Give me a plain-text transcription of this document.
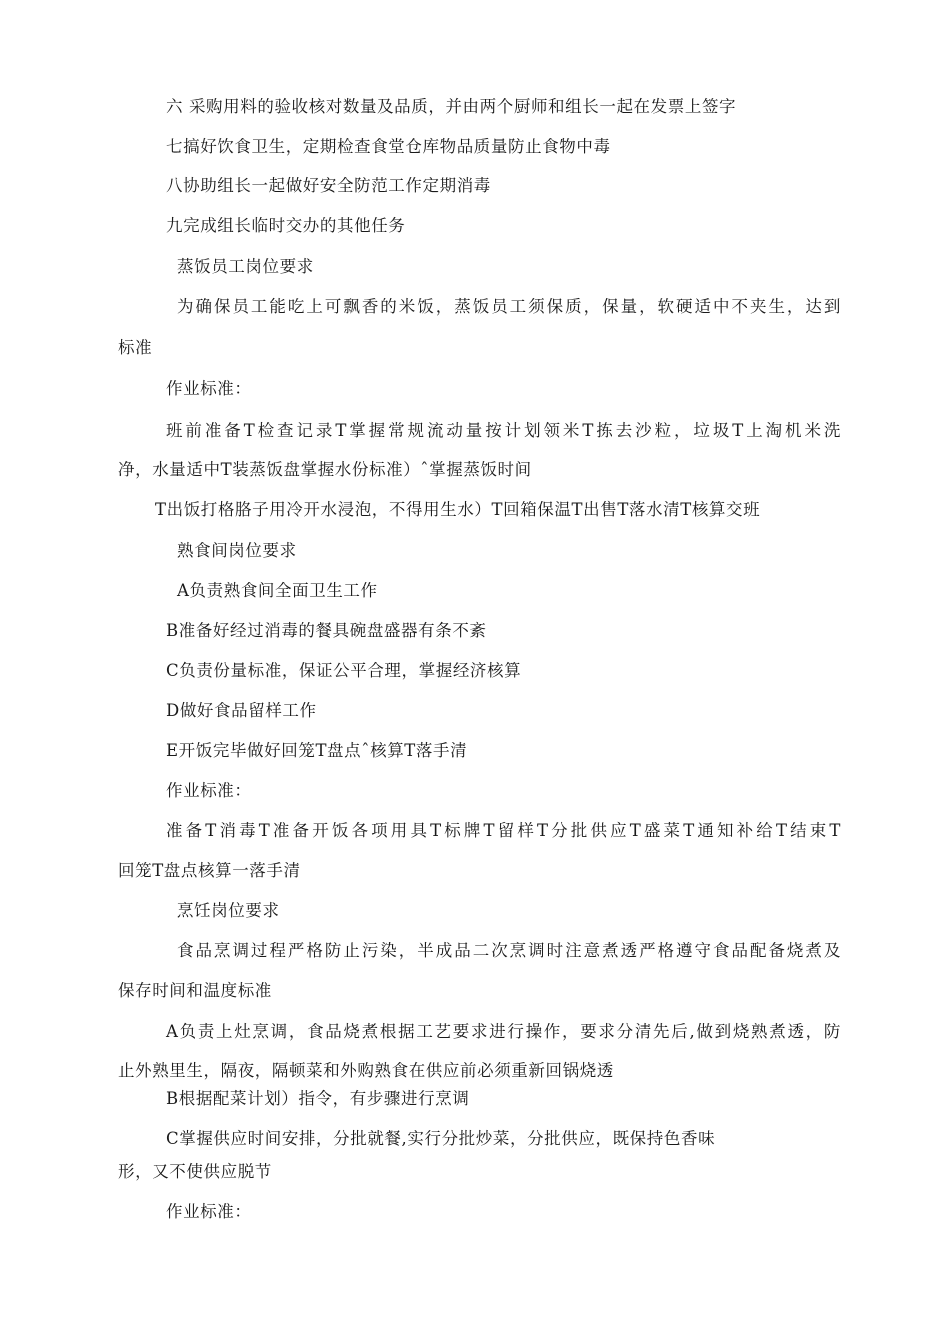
六 采购用料的验收核对数量及品质，并由两个厨师和组长一起在发票上签字
七搞好饮食卫生，定期检查食堂仓库物品质量防止食物中毒
八协助组长一起做好安全防范工作定期消毒
九完成组长临时交办的其他任务
蒸饭员工岗位要求
为确保员工能吃上可飘香的米饭，蒸饭员工须保质，保量，软硬适中不夹生，达到
标准
作业标准：
班前准备T检查记录T掌握常规流动量按计划领米T拣去沙粒，垃圾T上淘机米洗
净，水量适中T装蒸饭盘掌握水份标准）ˆ掌握蒸饭时间
T出饭打格胳子用冷开水浸泡，不得用生水）T回箱保温T出售T落水清T核算交班
熟食间岗位要求
A负责熟食间全面卫生工作
B准备好经过消毒的餐具碗盘盛器有条不紊
C负责份量标准，保证公平合理，掌握经济核算
D做好食品留样工作
E开饭完毕做好回笼T盘点ˆ核算T落手清
作业标准：
准备T消毒T准备开饭各项用具T标牌T留样T分批供应T盛菜T通知补给T结束T
回笼T盘点核算一落手清
烹饪岗位要求
食品烹调过程严格防止污染，半成品二次烹调时注意煮透严格遵守食品配备烧煮及
保存时间和温度标准
A负责上灶烹调，食品烧煮根据工艺要求进行操作，要求分清先后,做到烧熟煮透，防
止外熟里生，隔夜，隔顿菜和外购熟食在供应前必须重新回锅烧透
B根据配菜计划）指令，有步骤进行烹调
C掌握供应时间安排，分批就餐,实行分批炒菜，分批供应，既保持色香味
形，又不使供应脱节
作业标准：
